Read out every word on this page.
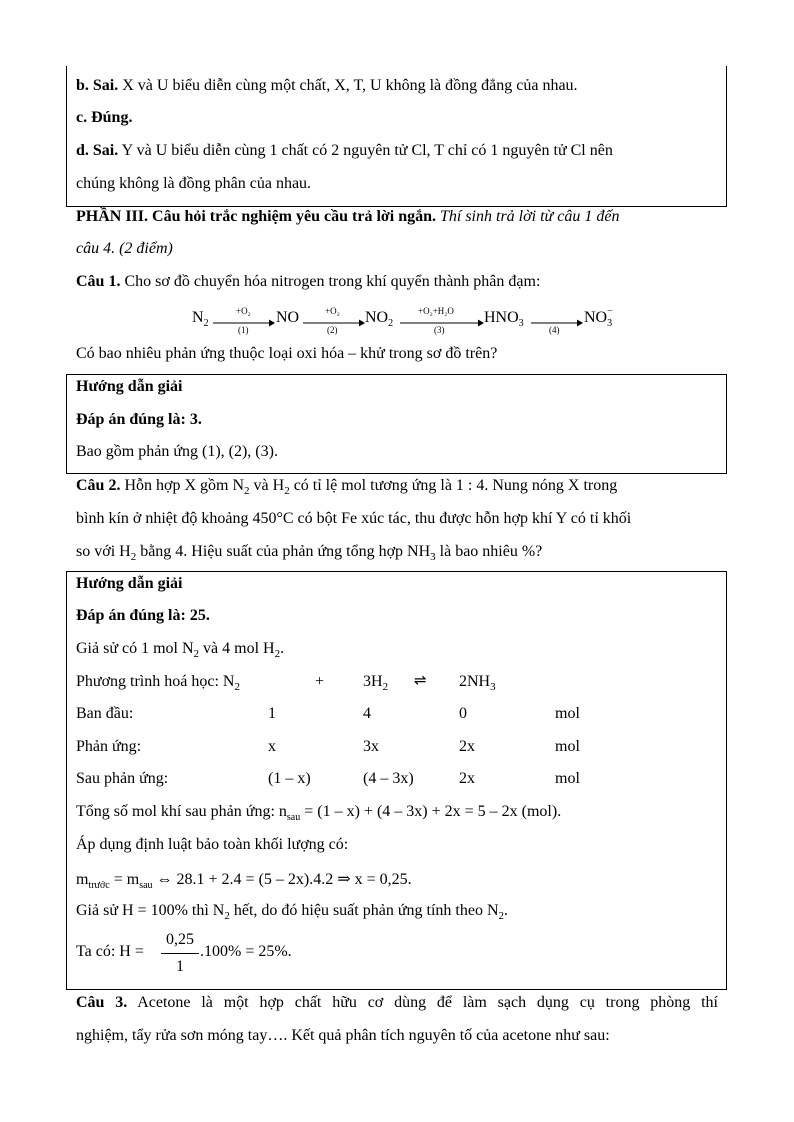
b. Sai. X và U biểu diễn cùng một chất, X, T, U không là đồng đẳng của nhau.
c. Đúng.
d. Sai. Y và U biểu diễn cùng 1 chất có 2 nguyên tử Cl, T chỉ có 1 nguyên tử Cl nên
chúng không là đồng phân của nhau.
PHẦN III. Câu hỏi trắc nghiệm yêu cầu trả lời ngắn. Thí sinh trả lời từ câu 1 đến
câu 4. (2 điểm)
Câu 1. Cho sơ đồ chuyển hóa nitrogen trong khí quyển thành phân đạm:
$N_2$
+O₂
(1)
NO	+O₂
(2)
$NO_2$
+O₂+H₂O
(3)
$HNO_3$
(4)
NO −
3
Có bao nhiêu phản ứng thuộc loại oxi hóa – khử trong sơ đồ trên?
Hướng dẫn giải
Đáp án đúng là: 3.
Bao gồm phản ứng (1), (2), (3).
Câu 2. Hỗn hợp X gồm $N_2$ và $H_2$ có tỉ lệ mol tương ứng là 1 : 4. Nung nóng X trong
bình kín ở nhiệt độ khoảng 450°C có bột Fe xúc tác, thu được hỗn hợp khí Y có tỉ khối
so với $H_2$ bằng 4. Hiệu suất của phản ứng tổng hợp $NH_3$ là bao nhiêu %?
Hướng dẫn giải
Đáp án đúng là: 25.
Giả sử có 1 mol $N_2$ và 4 mol $H_2$.
Phương trình hoá học: $N_2$	+ $3H_2$ ⇌ $2NH_3$
Ban đầu:	1	4	0	mol
Phản ứng:	x	3x	2x	mol
Sau phản ứng:	(1 – x)	(4 – 3x)	2x	mol
Tổng số mol khí sau phản ứng: $n_{sau} = (1 - x) + (4 - 3x) + 2x = 5 - 2x$ (mol).
Áp dụng định luật bảo toàn khối lượng có:
$m_{trước} = m_{sau}$ ⇔ 28.1 + 2.4 = (5 – 2x).4.2 ⇒ x = 0,25.
Giả sử H = 100% thì $N_2$ hết, do đó hiệu suất phản ứng tính theo $N_2$.
Ta có: H =
0,25
1
.100% = 25%.
Câu 3. Acetone là một hợp chất hữu cơ dùng để làm sạch dụng cụ trong phòng thí
nghiệm, tẩy rửa sơn móng tay…. Kết quả phân tích nguyên tố của acetone như sau:
